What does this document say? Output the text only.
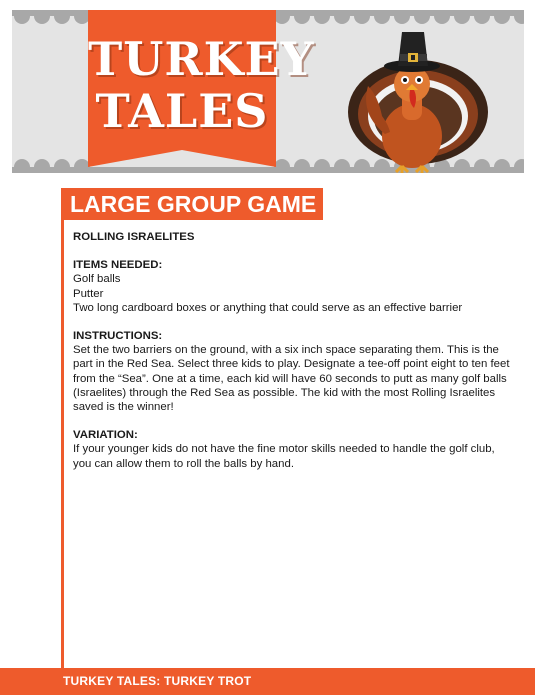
TURKEY
TALES
LARGE GROUP GAME

ROLLING ISRAELITES

ITEMS NEEDED:

Golf balls

Putter

Two long cardboard boxes or anything that could serve as an effective barrier

INSTRUCTIONS:

Set the two barriers on the ground, with a six inch space separating them. This is the part in the Red Sea. Select three kids to play. Designate a tee-off point eight to ten feet from the “Sea”. One at a time, each kid will have 60 seconds to putt as many golf balls (Israelites) through the Red Sea as possible. The kid with the most Rolling Israelites saved is the winner!

VARIATION:

If your younger kids do not have the fine motor skills needed to handle the golf club, you can allow them to roll the balls by hand.

TURKEY TALES: TURKEY TROT
